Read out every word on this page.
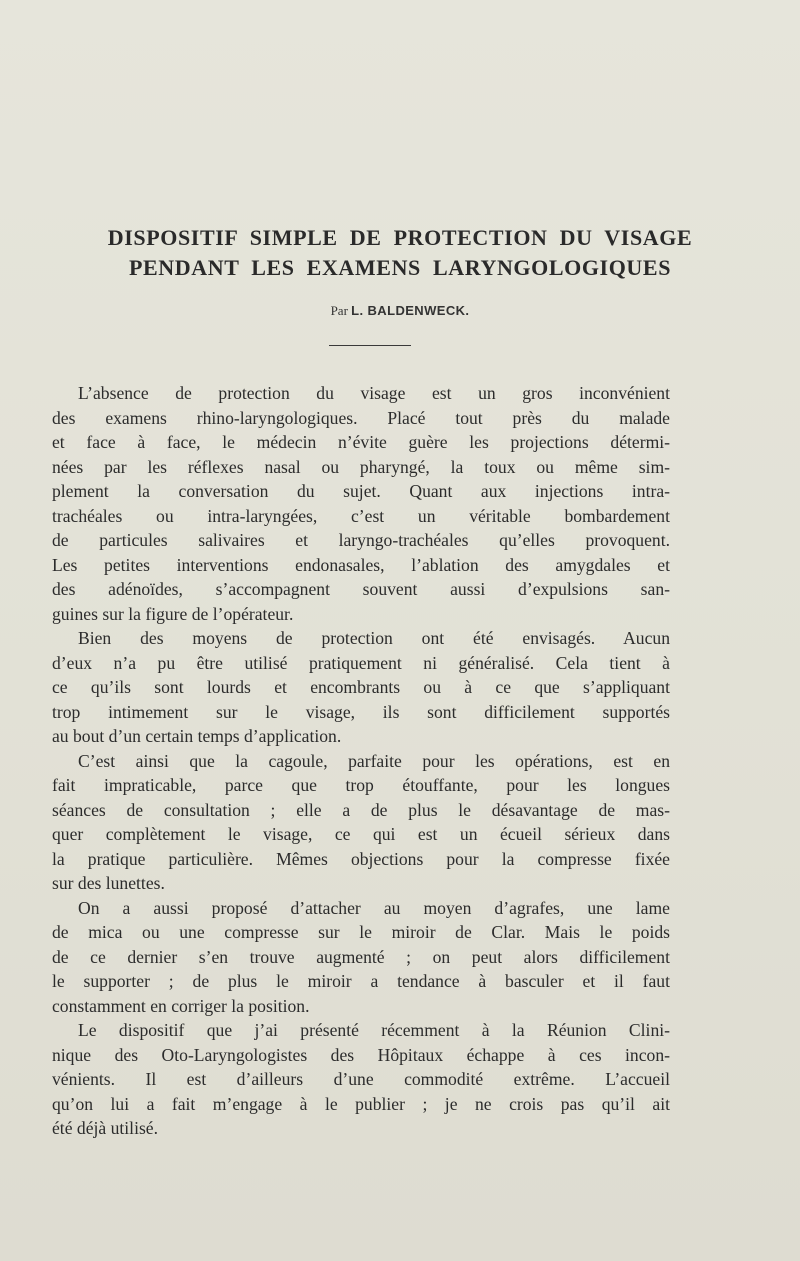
DISPOSITIF SIMPLE DE PROTECTION DU VISAGE
PENDANT LES EXAMENS LARYNGOLOGIQUES
Par L. BALDENWECK.
L’absence de protection du visage est un gros inconvénient
des examens rhino-laryngologiques. Placé tout près du malade
et face à face, le médecin n’évite guère les projections détermi-
nées par les réflexes nasal ou pharyngé, la toux ou même sim-
plement la conversation du sujet. Quant aux injections intra-
trachéales ou intra-laryngées, c’est un véritable bombardement
de particules salivaires et laryngo-trachéales qu’elles provoquent.
Les petites interventions endonasales, l’ablation des amygdales et
des adénoïdes, s’accompagnent souvent aussi d’expulsions san-
guines sur la figure de l’opérateur.
Bien des moyens de protection ont été envisagés. Aucun
d’eux n’a pu être utilisé pratiquement ni généralisé. Cela tient à
ce qu’ils sont lourds et encombrants ou à ce que s’appliquant
trop intimement sur le visage, ils sont difficilement supportés
au bout d’un certain temps d’application.
C’est ainsi que la cagoule, parfaite pour les opérations, est en
fait impraticable, parce que trop étouffante, pour les longues
séances de consultation ; elle a de plus le désavantage de mas-
quer complètement le visage, ce qui est un écueil sérieux dans
la pratique particulière. Mêmes objections pour la compresse fixée
sur des lunettes.
On a aussi proposé d’attacher au moyen d’agrafes, une lame
de mica ou une compresse sur le miroir de Clar. Mais le poids
de ce dernier s’en trouve augmenté ; on peut alors difficilement
le supporter ; de plus le miroir a tendance à basculer et il faut
constamment en corriger la position.
Le dispositif que j’ai présenté récemment à la Réunion Clini-
nique des Oto-Laryngologistes des Hôpitaux échappe à ces incon-
vénients. Il est d’ailleurs d’une commodité extrême. L’accueil
qu’on lui a fait m’engage à le publier ; je ne crois pas qu’il ait
été déjà utilisé.
